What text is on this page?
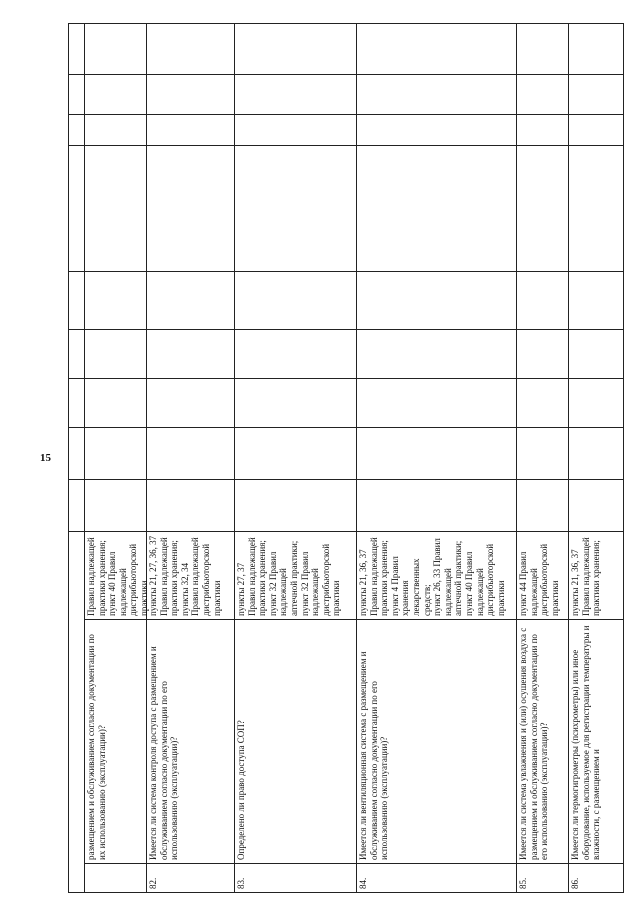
15
размещением и обслуживанием согласно документации по их использованию (эксплуатации)?
Правил надлежащей практики хранения;
пункт 40 Правил надлежащей дистрибьюторской практики
82.
Имеется ли система контроля доступа с размещением и обслуживанием согласно документации по его использованию (эксплуатации)?
пункты 21, 27, 36, 37 Правил надлежащей практики хранения;
пункты 32, 34 Правил надлежащей дистрибьюторской практики
83.
Определено ли право доступа СОП?
пункты 27, 37 Правил надлежащей практики хранения;
пункт 32 Правил надлежащей аптечной практики;
пункт 32 Правил надлежащей дистрибьюторской практики
84.
Имеется ли вентиляционная система с размещением и обслуживанием согласно документации по его использованию (эксплуатации)?
пункты 21, 36, 37 Правил надлежащей практики хранения;
пункт 4 Правил хранения лекарственных средств;
пункт 26, 33 Правил надлежащей аптечной практики; пункт 40 Правил надлежащей дистрибьюторской практики
85.
Имеется ли система увлажнения и (или) осушения воздуха с размещением и обслуживанием согласно документации по его использованию (эксплуатации)?
пункт 44 Правил надлежащей дистрибьюторской практики
86.
Имеется ли термогигрометры (психрометры) или иное оборудование, используемое для регистрации температуры и влажности, с размещением и
пункты 21, 36, 37 Правил надлежащей практики хранения;
